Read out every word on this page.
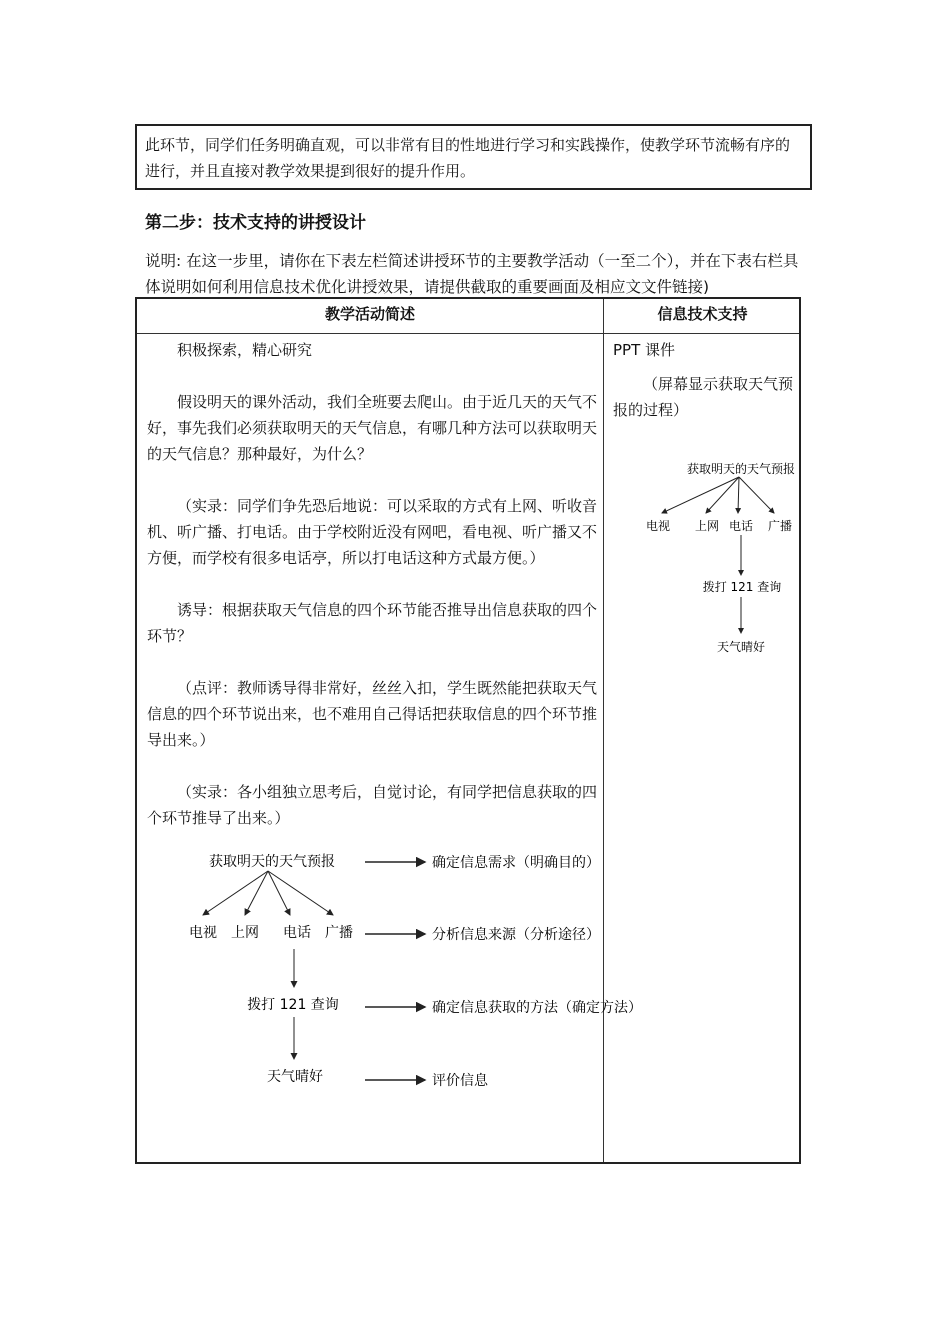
此环节，同学们任务明确直观，可以非常有目的性地进行学习和实践操作，使教学环节流畅有序的进行，并且直接对教学效果提到很好的提升作用。

第二步：技术支持的讲授设计
说明: 在这一步里，请你在下表左栏简述讲授环节的主要教学活动（一至二个），并在下表右栏具体说明如何利用信息技术优化讲授效果，请提供截取的重要画面及相应文文件链接)
教学活动简述	信息技术支持

积极探索，精心研究

假设明天的课外活动，我们全班要去爬山。由于近几天的天气不好，事先我们必须获取明天的天气信息，有哪几种方法可以获取明天的天气信息？那种最好，为什么？

（实录：同学们争先恐后地说：可以采取的方式有上网、听收音机、听广播、打电话。由于学校附近没有网吧，看电视、听广播又不方便，而学校有很多电话亭，所以打电话这种方式最方便。）

诱导：根据获取天气信息的四个环节能否推导出信息获取的四个环节？

（点评：教师诱导得非常好，丝丝入扣，学生既然能把获取天气信息的四个环节说出来，也不难用自己得话把获取信息的四个环节推导出来。）

（实录：各小组独立思考后，自觉讨论，有同学把信息获取的四个环节推导了出来。）

PPT 课件

（屏幕显示获取天气预报的过程）

获取明天的天气预报
电视 上网 电话 广播
拨打 121 查询
天气晴好
获取明天的天气预报
电视 上网 电话 广播
拨打 121 查询
天气晴好
确定信息需求（明确目的）
分析信息来源（分析途径）
确定信息获取的方法（确定方法）
评价信息
